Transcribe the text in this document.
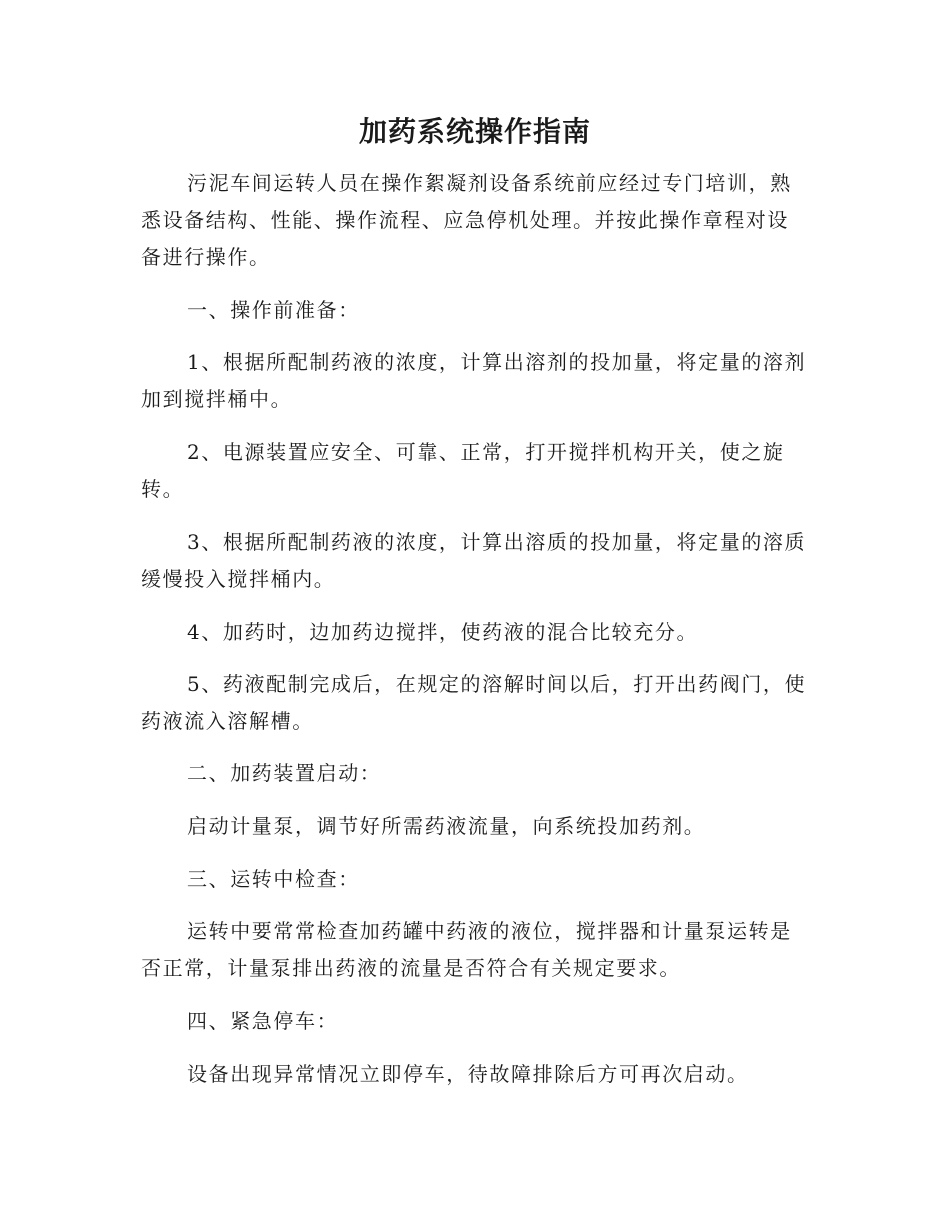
加药系统操作指南

污泥车间运转人员在操作絮凝剂设备系统前应经过专门培训，熟悉设备结构、性能、操作流程、应急停机处理。并按此操作章程对设备进行操作。

一、操作前准备：

1、根据所配制药液的浓度，计算出溶剂的投加量，将定量的溶剂加到搅拌桶中。

2、电源装置应安全、可靠、正常，打开搅拌机构开关，使之旋转。

3、根据所配制药液的浓度，计算出溶质的投加量，将定量的溶质缓慢投入搅拌桶内。

4、加药时，边加药边搅拌，使药液的混合比较充分。

5、药液配制完成后，在规定的溶解时间以后，打开出药阀门，使药液流入溶解槽。

二、加药装置启动：

启动计量泵，调节好所需药液流量，向系统投加药剂。

三、运转中检查：

运转中要常常检查加药罐中药液的液位，搅拌器和计量泵运转是否正常，计量泵排出药液的流量是否符合有关规定要求。

四、紧急停车：

设备出现异常情况立即停车，待故障排除后方可再次启动。
